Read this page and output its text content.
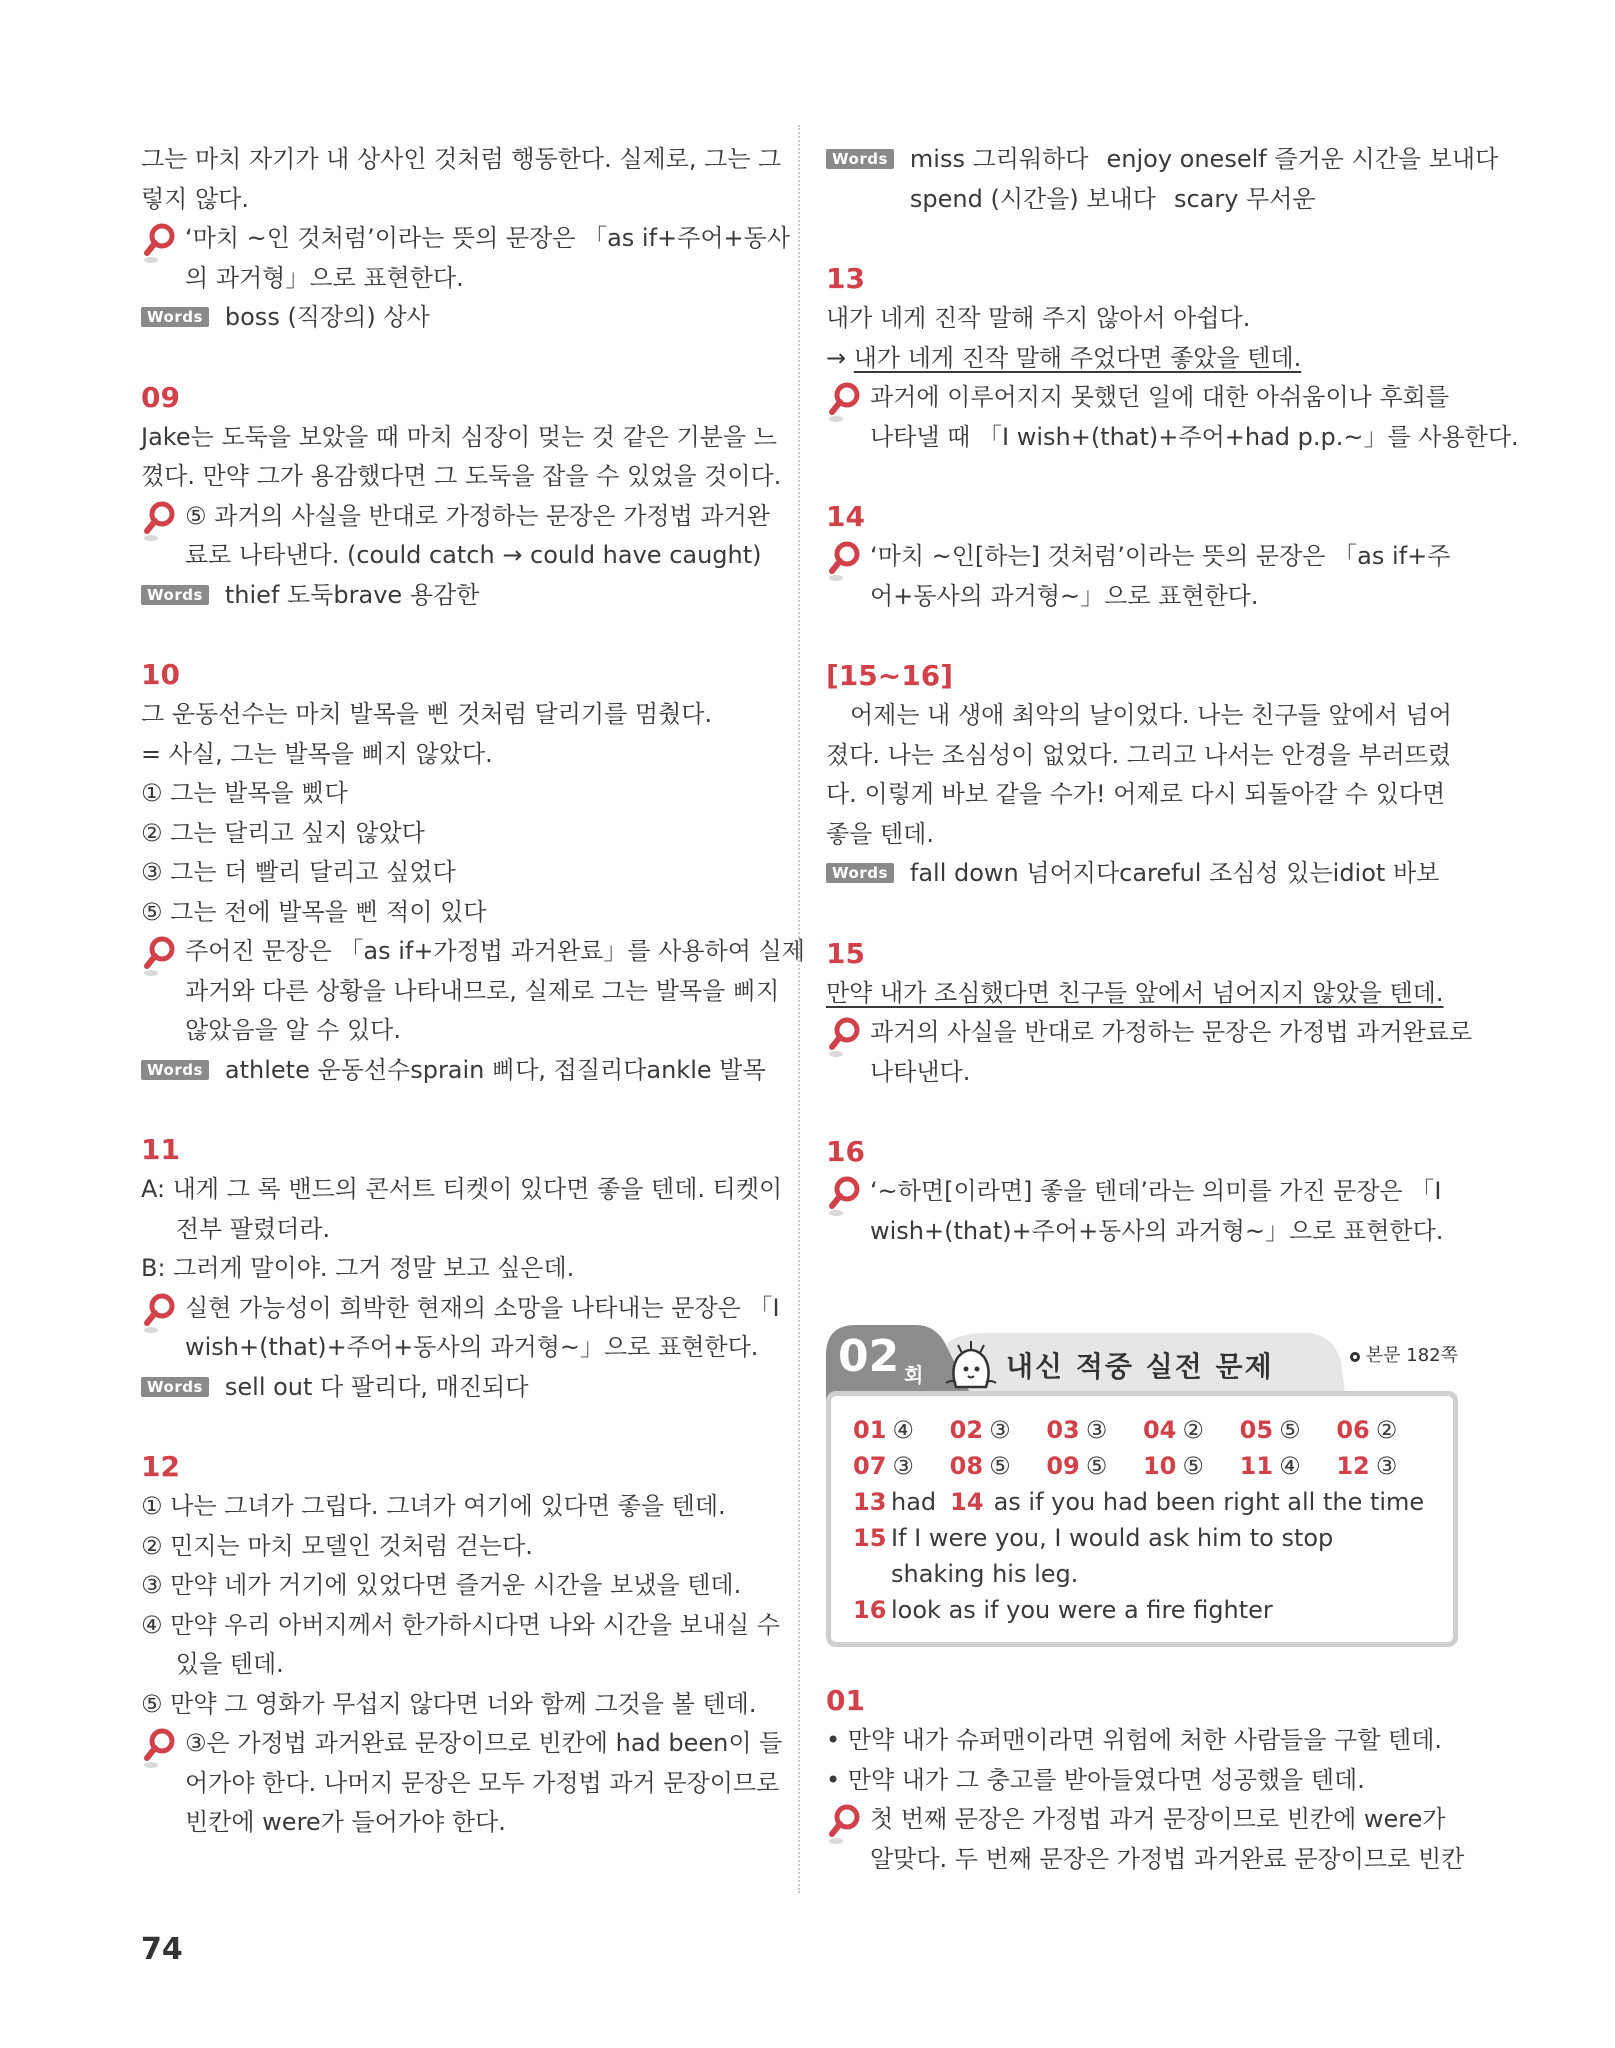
그는 마치 자기가 내 상사인 것처럼 행동한다. 실제로, 그는 그
렇지 않다.
‘마치 ~인 것처럼’이라는 뜻의 문장은 「as if+주어+동사
의 과거형」으로 표현한다.
Words boss (직장의) 상사
09
Jake는 도둑을 보았을 때 마치 심장이 멎는 것 같은 기분을 느
꼈다. 만약 그가 용감했다면 그 도둑을 잡을 수 있었을 것이다.
⑤ 과거의 사실을 반대로 가정하는 문장은 가정법 과거완
료로 나타낸다. (could catch → could have caught)
Words thief 도둑brave 용감한
10
그 운동선수는 마치 발목을 삔 것처럼 달리기를 멈췄다.
= 사실, 그는 발목을 삐지 않았다.
① 그는 발목을 삤다
② 그는 달리고 싶지 않았다
③ 그는 더 빨리 달리고 싶었다
⑤ 그는 전에 발목을 삔 적이 있다
주어진 문장은 「as if+가정법 과거완료」를 사용하여 실제
과거와 다른 상황을 나타내므로, 실제로 그는 발목을 삐지
않았음을 알 수 있다.
Words athlete 운동선수sprain 삐다, 접질리다ankle 발목
11
A: 내게 그 록 밴드의 콘서트 티켓이 있다면 좋을 텐데. 티켓이
전부 팔렸더라.
B: 그러게 말이야. 그거 정말 보고 싶은데.
실현 가능성이 희박한 현재의 소망을 나타내는 문장은 「I
wish+(that)+주어+동사의 과거형~」으로 표현한다.
Words sell out 다 팔리다, 매진되다
12
① 나는 그녀가 그립다. 그녀가 여기에 있다면 좋을 텐데.
② 민지는 마치 모델인 것처럼 걷는다.
③ 만약 네가 거기에 있었다면 즐거운 시간을 보냈을 텐데.
④ 만약 우리 아버지께서 한가하시다면 나와 시간을 보내실 수
있을 텐데.
⑤ 만약 그 영화가 무섭지 않다면 너와 함께 그것을 볼 텐데.
③은 가정법 과거완료 문장이므로 빈칸에 had been이 들
어가야 한다. 나머지 문장은 모두 가정법 과거 문장이므로
빈칸에 were가 들어가야 한다.
Words miss 그리워하다 enjoy oneself 즐거운 시간을 보내다
spend (시간을) 보내다 scary 무서운
13
내가 네게 진작 말해 주지 않아서 아쉽다.
→ 내가 네게 진작 말해 주었다면 좋았을 텐데.
과거에 이루어지지 못했던 일에 대한 아쉬움이나 후회를
나타낼 때 「I wish+(that)+주어+had p.p.~」를 사용한다.
14
‘마치 ~인[하는] 것처럼’이라는 뜻의 문장은 「as if+주
어+동사의 과거형~」으로 표현한다.
[15~16]
어제는 내 생애 최악의 날이었다. 나는 친구들 앞에서 넘어
졌다. 나는 조심성이 없었다. 그리고 나서는 안경을 부러뜨렸
다. 이렇게 바보 같을 수가! 어제로 다시 되돌아갈 수 있다면
좋을 텐데.
Words fall down 넘어지다careful 조심성 있는idiot 바보
15
만약 내가 조심했다면 친구들 앞에서 넘어지지 않았을 텐데.
과거의 사실을 반대로 가정하는 문장은 가정법 과거완료로
나타낸다.
16
‘~하면[이라면] 좋을 텐데’라는 의미를 가진 문장은 「I
wish+(that)+주어+동사의 과거형~」으로 표현한다.
02 회	내신 적중 실전 문제	본문 182쪽
01 ④	02 ③	03 ③	04 ②	05 ⑤	06 ②
07 ③	08 ⑤	09 ⑤	10 ⑤	11 ④	12 ③
13 had 14 as if you had been right all the time
15 If I were you, I would ask him to stop shaking his leg.
16 look as if you were a fire fighter
01
• 만약 내가 슈퍼맨이라면 위험에 처한 사람들을 구할 텐데.
• 만약 내가 그 충고를 받아들였다면 성공했을 텐데.
첫 번째 문장은 가정법 과거 문장이므로 빈칸에 were가
알맞다. 두 번째 문장은 가정법 과거완료 문장이므로 빈칸
74
